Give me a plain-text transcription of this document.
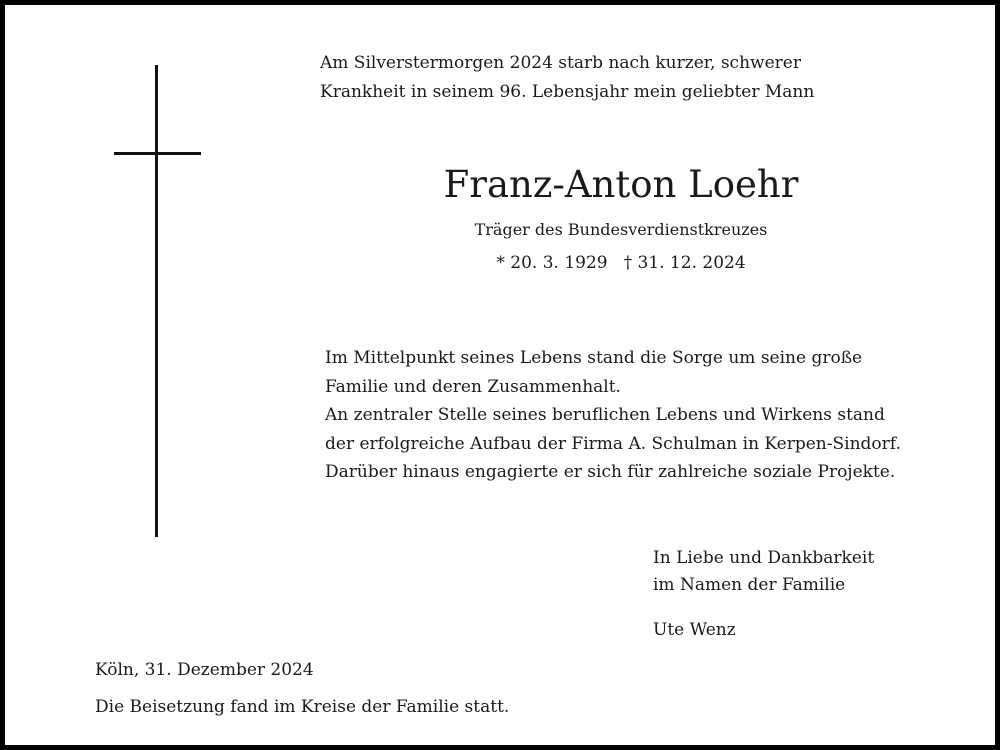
Am Silverstermorgen 2024 starb nach kurzer, schwerer
Krankheit in seinem 96. Lebensjahr mein geliebter Mann
Franz-Anton Loehr
Träger des Bundesverdienstkreuzes
* 20. 3. 1929 † 31. 12. 2024
Im Mittelpunkt seines Lebens stand die Sorge um seine große
Familie und deren Zusammenhalt.
An zentraler Stelle seines beruflichen Lebens und Wirkens stand
der erfolgreiche Aufbau der Firma A. Schulman in Kerpen-Sindorf.
Darüber hinaus engagierte er sich für zahlreiche soziale Projekte.
In Liebe und Dankbarkeit
im Namen der Familie
Ute Wenz
Köln, 31. Dezember 2024
Die Beisetzung fand im Kreise der Familie statt.
